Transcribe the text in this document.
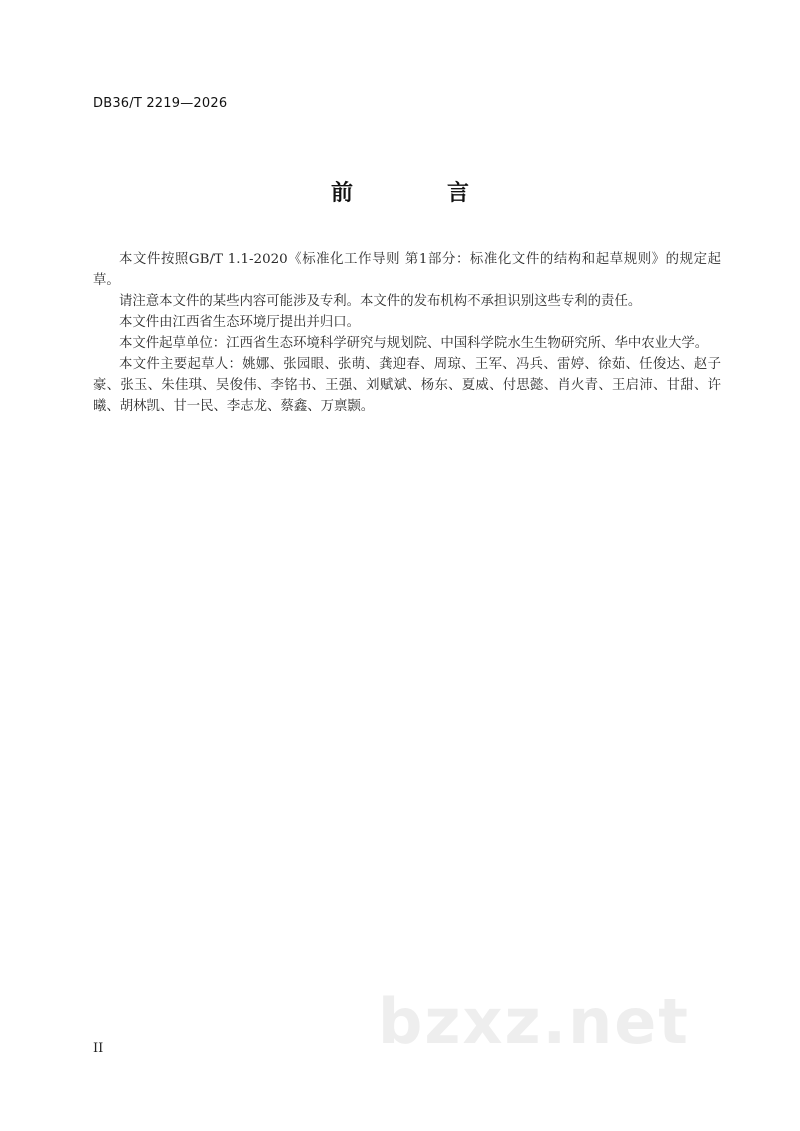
DB36/T 2219—2026
前　言

本文件按照GB/T 1.1-2020《标准化工作导则 第1部分：标准化文件的结构和起草规则》的规定起草。

请注意本文件的某些内容可能涉及专利。本文件的发布机构不承担识别这些专利的责任。

本文件由江西省生态环境厅提出并归口。

本文件起草单位：江西省生态环境科学研究与规划院、中国科学院水生生物研究所、华中农业大学。

本文件主要起草人：姚娜、张园眼、张萌、龚迎春、周琼、王军、冯兵、雷婷、徐茹、任俊达、赵子豪、张玉、朱佳琪、吴俊伟、李铭书、王强、刘赋斌、杨东、夏威、付思懿、肖火青、王启沛、甘甜、许曦、胡林凯、甘一民、李志龙、蔡鑫、万禀颢。

bzxz.net
II
